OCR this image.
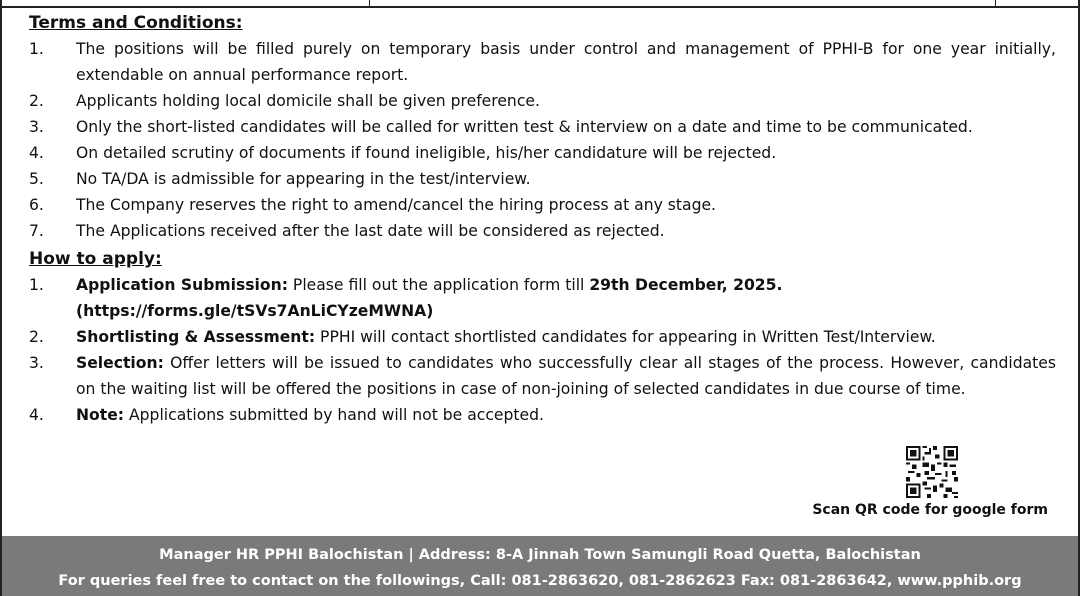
Terms and Conditions:
1. The positions will be filled purely on temporary basis under control and management of PPHI-B for one year initially, extendable on annual performance report.

2. Applicants holding local domicile shall be given preference.

3. Only the short-listed candidates will be called for written test & interview on a date and time to be communicated.

4. On detailed scrutiny of documents if found ineligible, his/her candidature will be rejected.

5. No TA/DA is admissible for appearing in the test/interview.

6. The Company reserves the right to amend/cancel the hiring process at any stage.

7. The Applications received after the last date will be considered as rejected.

How to apply:
1. Application Submission: Please fill out the application form till 29th December, 2025.
(https://forms.gle/tSVs7AnLiCYzeMWNA)

2. Shortlisting & Assessment: PPHI will contact shortlisted candidates for appearing in Written Test/Interview.

3. Selection: Offer letters will be issued to candidates who successfully clear all stages of the process. However, candidates on the waiting list will be offered the positions in case of non-joining of selected candidates in due course of time.

4. Note: Applications submitted by hand will not be accepted.

Scan QR code for google form
Manager HR PPHI Balochistan | Address: 8-A Jinnah Town Samungli Road Quetta, Balochistan
For queries feel free to contact on the followings, Call: 081-2863620, 081-2862623 Fax: 081-2863642, www.pphib.org
